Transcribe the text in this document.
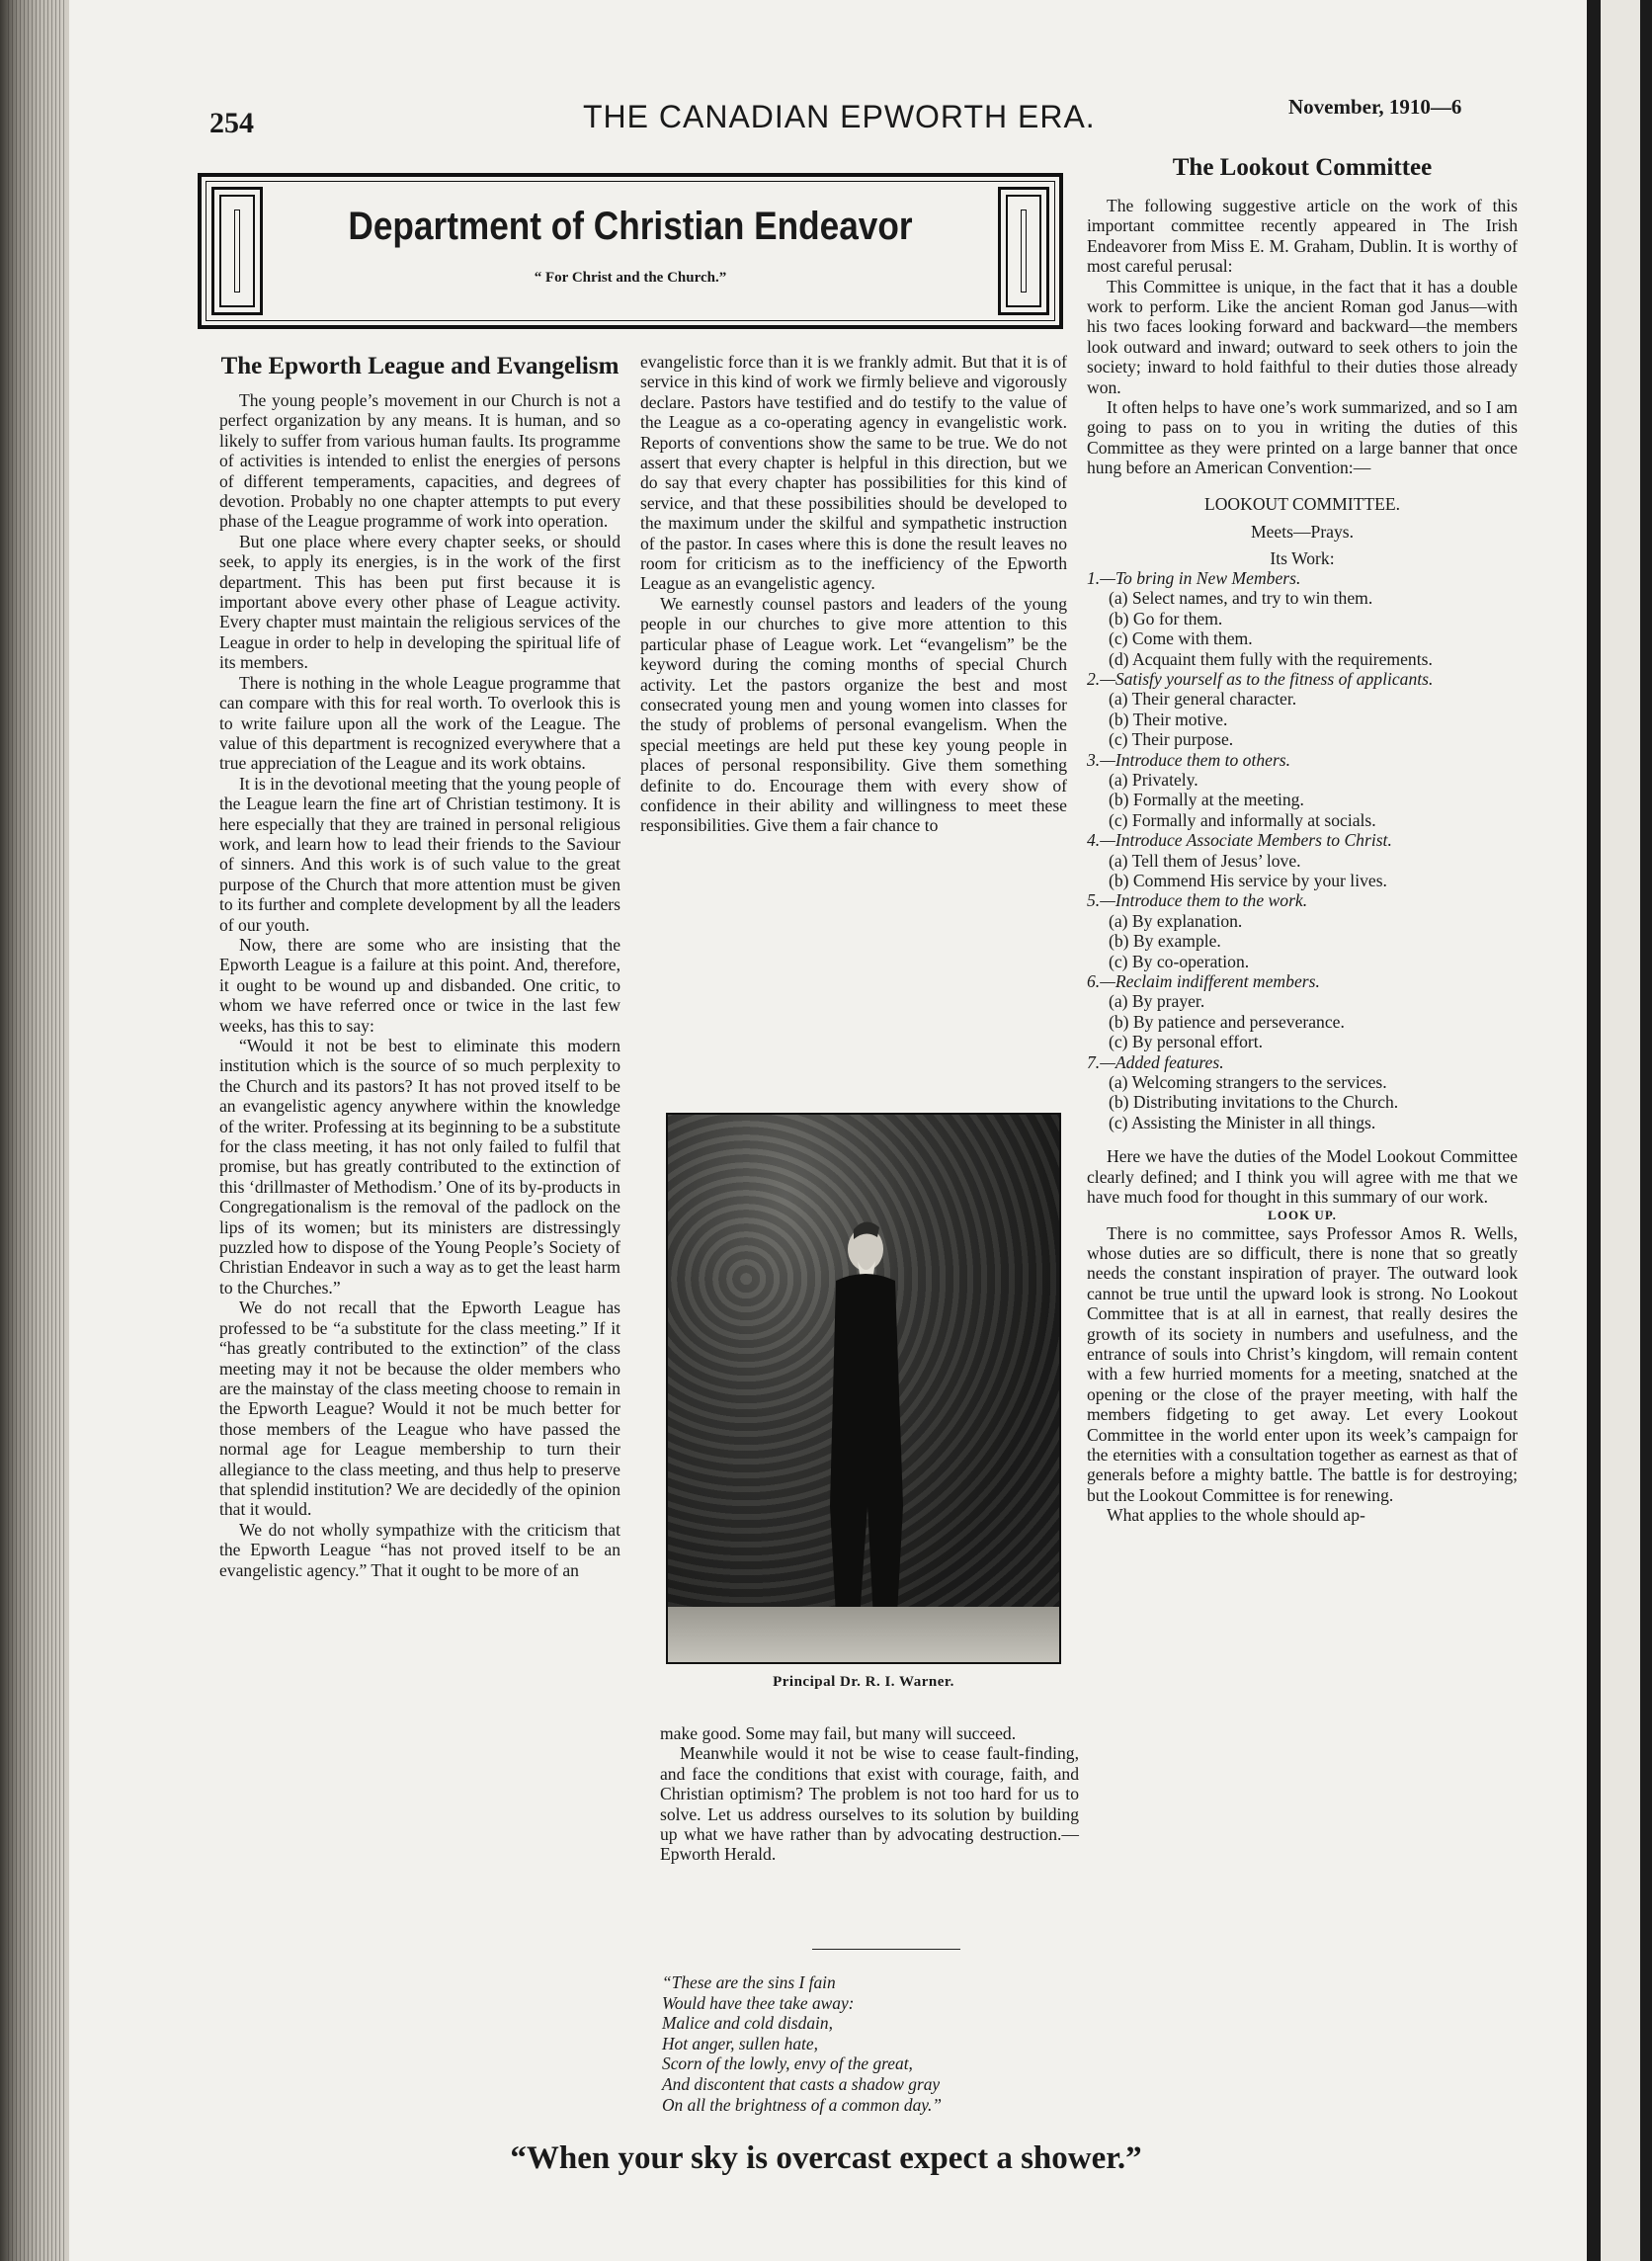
254	THE CANADIAN EPWORTH ERA.	November, 1910—6
Department of Christian Endeavor
“ For Christ and the Church.”
The Epworth League and Evangelism

The young people’s movement in our Church is not a perfect organization by any means. It is human, and so likely to suffer from various human faults. Its programme of activities is intended to enlist the energies of persons of different temperaments, capacities, and degrees of devotion. Probably no one chapter attempts to put every phase of the League programme of work into operation.

But one place where every chapter seeks, or should seek, to apply its energies, is in the work of the first department. This has been put first because it is important above every other phase of League activity. Every chapter must maintain the religious services of the League in order to help in developing the spiritual life of its members.

There is nothing in the whole League programme that can compare with this for real worth. To overlook this is to write failure upon all the work of the League. The value of this department is recognized everywhere that a true appreciation of the League and its work obtains.

It is in the devotional meeting that the young people of the League learn the fine art of Christian testimony. It is here especially that they are trained in personal religious work, and learn how to lead their friends to the Saviour of sinners. And this work is of such value to the great purpose of the Church that more attention must be given to its further and complete development by all the leaders of our youth.

Now, there are some who are insisting that the Epworth League is a failure at this point. And, therefore, it ought to be wound up and disbanded. One critic, to whom we have referred once or twice in the last few weeks, has this to say:

“Would it not be best to eliminate this modern institution which is the source of so much perplexity to the Church and its pastors? It has not proved itself to be an evangelistic agency anywhere within the knowledge of the writer. Professing at its beginning to be a substitute for the class meeting, it has not only failed to fulfil that promise, but has greatly contributed to the extinction of this ‘drillmaster of Methodism.’ One of its by-products in Congregationalism is the removal of the padlock on the lips of its women; but its ministers are distressingly puzzled how to dispose of the Young People’s Society of Christian Endeavor in such a way as to get the least harm to the Churches.”

We do not recall that the Epworth League has professed to be “a substitute for the class meeting.” If it “has greatly contributed to the extinction” of the class meeting may it not be because the older members who are the mainstay of the class meeting choose to remain in the Epworth League? Would it not be much better for those members of the League who have passed the normal age for League membership to turn their allegiance to the class meeting, and thus help to preserve that splendid institution? We are decidedly of the opinion that it would.

We do not wholly sympathize with the criticism that the Epworth League “has not proved itself to be an evangelistic agency.” That it ought to be more of an

evangelistic force than it is we frankly admit. But that it is of service in this kind of work we firmly believe and vigorously declare. Pastors have testified and do testify to the value of the League as a co-operating agency in evangelistic work. Reports of conventions show the same to be true. We do not assert that every chapter is helpful in this direction, but we do say that every chapter has possibilities for this kind of service, and that these possibilities should be developed to the maximum under the skilful and sympathetic instruction of the pastor. In cases where this is done the result leaves no room for criticism as to the inefficiency of the Epworth League as an evangelistic agency.

We earnestly counsel pastors and leaders of the young people in our churches to give more attention to this particular phase of League work. Let “evangelism” be the keyword during the coming months of special Church activity. Let the pastors organize the best and most consecrated young men and young women into classes for the study of problems of personal evangelism. When the special meetings are held put these key young people in places of personal responsibility. Give them something definite to do. Encourage them with every show of confidence in their ability and willingness to meet these responsibilities. Give them a fair chance to

Principal Dr. R. I. Warner.

make good. Some may fail, but many will succeed.

Meanwhile would it not be wise to cease fault-finding, and face the conditions that exist with courage, faith, and Christian optimism? The problem is not too hard for us to solve. Let us address ourselves to its solution by building up what we have rather than by advocating destruction.—Epworth Herald.

“These are the sins I fain
Would have thee take away:
Malice and cold disdain,
Hot anger, sullen hate,
Scorn of the lowly, envy of the great,
And discontent that casts a shadow gray
On all the brightness of a common day.”
The Lookout Committee

The following suggestive article on the work of this important committee recently appeared in The Irish Endeavorer from Miss E. M. Graham, Dublin. It is worthy of most careful perusal:

This Committee is unique, in the fact that it has a double work to perform. Like the ancient Roman god Janus—with his two faces looking forward and backward—the members look outward and inward; outward to seek others to join the society; inward to hold faithful to their duties those already won.

It often helps to have one’s work summarized, and so I am going to pass on to you in writing the duties of this Committee as they were printed on a large banner that once hung before an American Convention:—

LOOKOUT COMMITTEE.

Meets—Prays.

Its Work:

1.—To bring in New Members.

(a) Select names, and try to win them.

(b) Go for them.

(c) Come with them.

(d) Acquaint them fully with the requirements.

2.—Satisfy yourself as to the fitness of applicants.

(a) Their general character.

(b) Their motive.

(c) Their purpose.

3.—Introduce them to others.

(a) Privately.

(b) Formally at the meeting.

(c) Formally and informally at socials.

4.—Introduce Associate Members to Christ.

(a) Tell them of Jesus’ love.

(b) Commend His service by your lives.

5.—Introduce them to the work.

(a) By explanation.

(b) By example.

(c) By co-operation.

6.—Reclaim indifferent members.

(a) By prayer.

(b) By patience and perseverance.

(c) By personal effort.

7.—Added features.

(a) Welcoming strangers to the services.

(b) Distributing invitations to the Church.

(c) Assisting the Minister in all things.

Here we have the duties of the Model Lookout Committee clearly defined; and I think you will agree with me that we have much food for thought in this summary of our work.

LOOK UP.

There is no committee, says Professor Amos R. Wells, whose duties are so difficult, there is none that so greatly needs the constant inspiration of prayer. The outward look cannot be true until the upward look is strong. No Lookout Committee that is at all in earnest, that really desires the growth of its society in numbers and usefulness, and the entrance of souls into Christ’s kingdom, will remain content with a few hurried moments for a meeting, snatched at the opening or the close of the prayer meeting, with half the members fidgeting to get away. Let every Lookout Committee in the world enter upon its week’s campaign for the eternities with a consultation together as earnest as that of generals before a mighty battle. The battle is for destroying; but the Lookout Committee is for renewing.

What applies to the whole should ap-

“When your sky is overcast expect a shower.”
